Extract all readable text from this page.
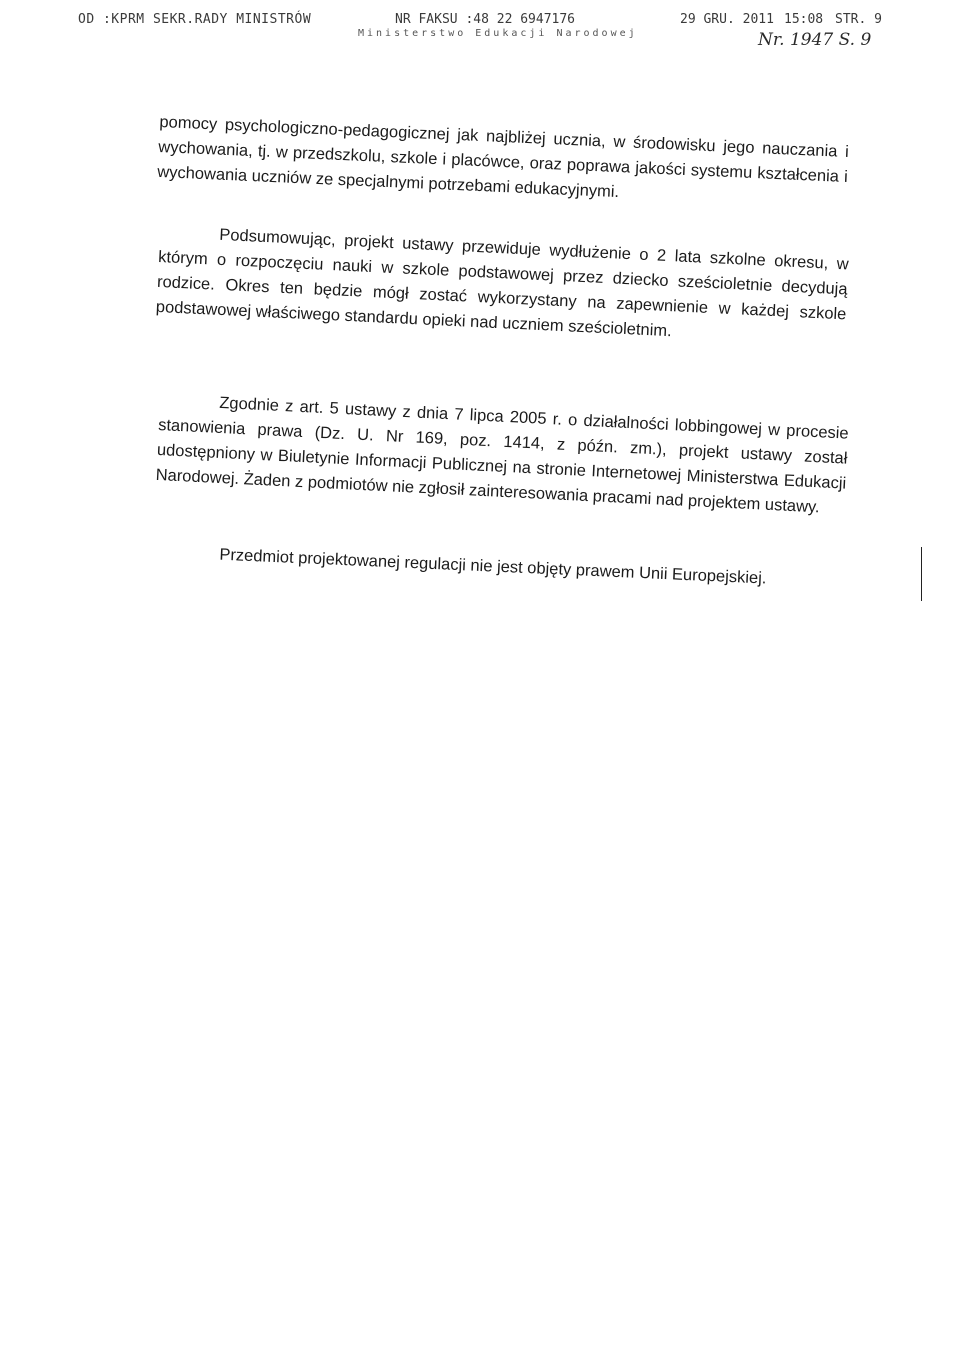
OD :KPRM SEKR.RADY MINISTRÓW	NR FAKSU :48 22 6947176	29 GRU. 2011 15:08 STR. 9
Ministerstwo Edukacji Narodowej	Nr. 1947 S. 9

pomocy psychologiczno-pedagogicznej jak najbliżej ucznia, w środowisku jego nauczania i wychowania, tj. w przedszkolu, szkole i placówce, oraz poprawa jakości systemu kształcenia i wychowania uczniów ze specjalnymi potrzebami edukacyjnymi.

Podsumowując, projekt ustawy przewiduje wydłużenie o 2 lata szkolne okresu, w którym o rozpoczęciu nauki w szkole podstawowej przez dziecko sześcioletnie decydują rodzice. Okres ten będzie mógł zostać wykorzystany na zapewnienie w każdej szkole podstawowej właściwego standardu opieki nad uczniem sześcioletnim.

Zgodnie z art. 5 ustawy z dnia 7 lipca 2005 r. o działalności lobbingowej w procesie stanowienia prawa (Dz. U. Nr 169, poz. 1414, z późn. zm.), projekt ustawy został udostępniony w Biuletynie Informacji Publicznej na stronie Internetowej Ministerstwa Edukacji Narodowej. Żaden z podmiotów nie zgłosił zainteresowania pracami nad projektem ustawy.

Przedmiot projektowanej regulacji nie jest objęty prawem Unii Europejskiej.
